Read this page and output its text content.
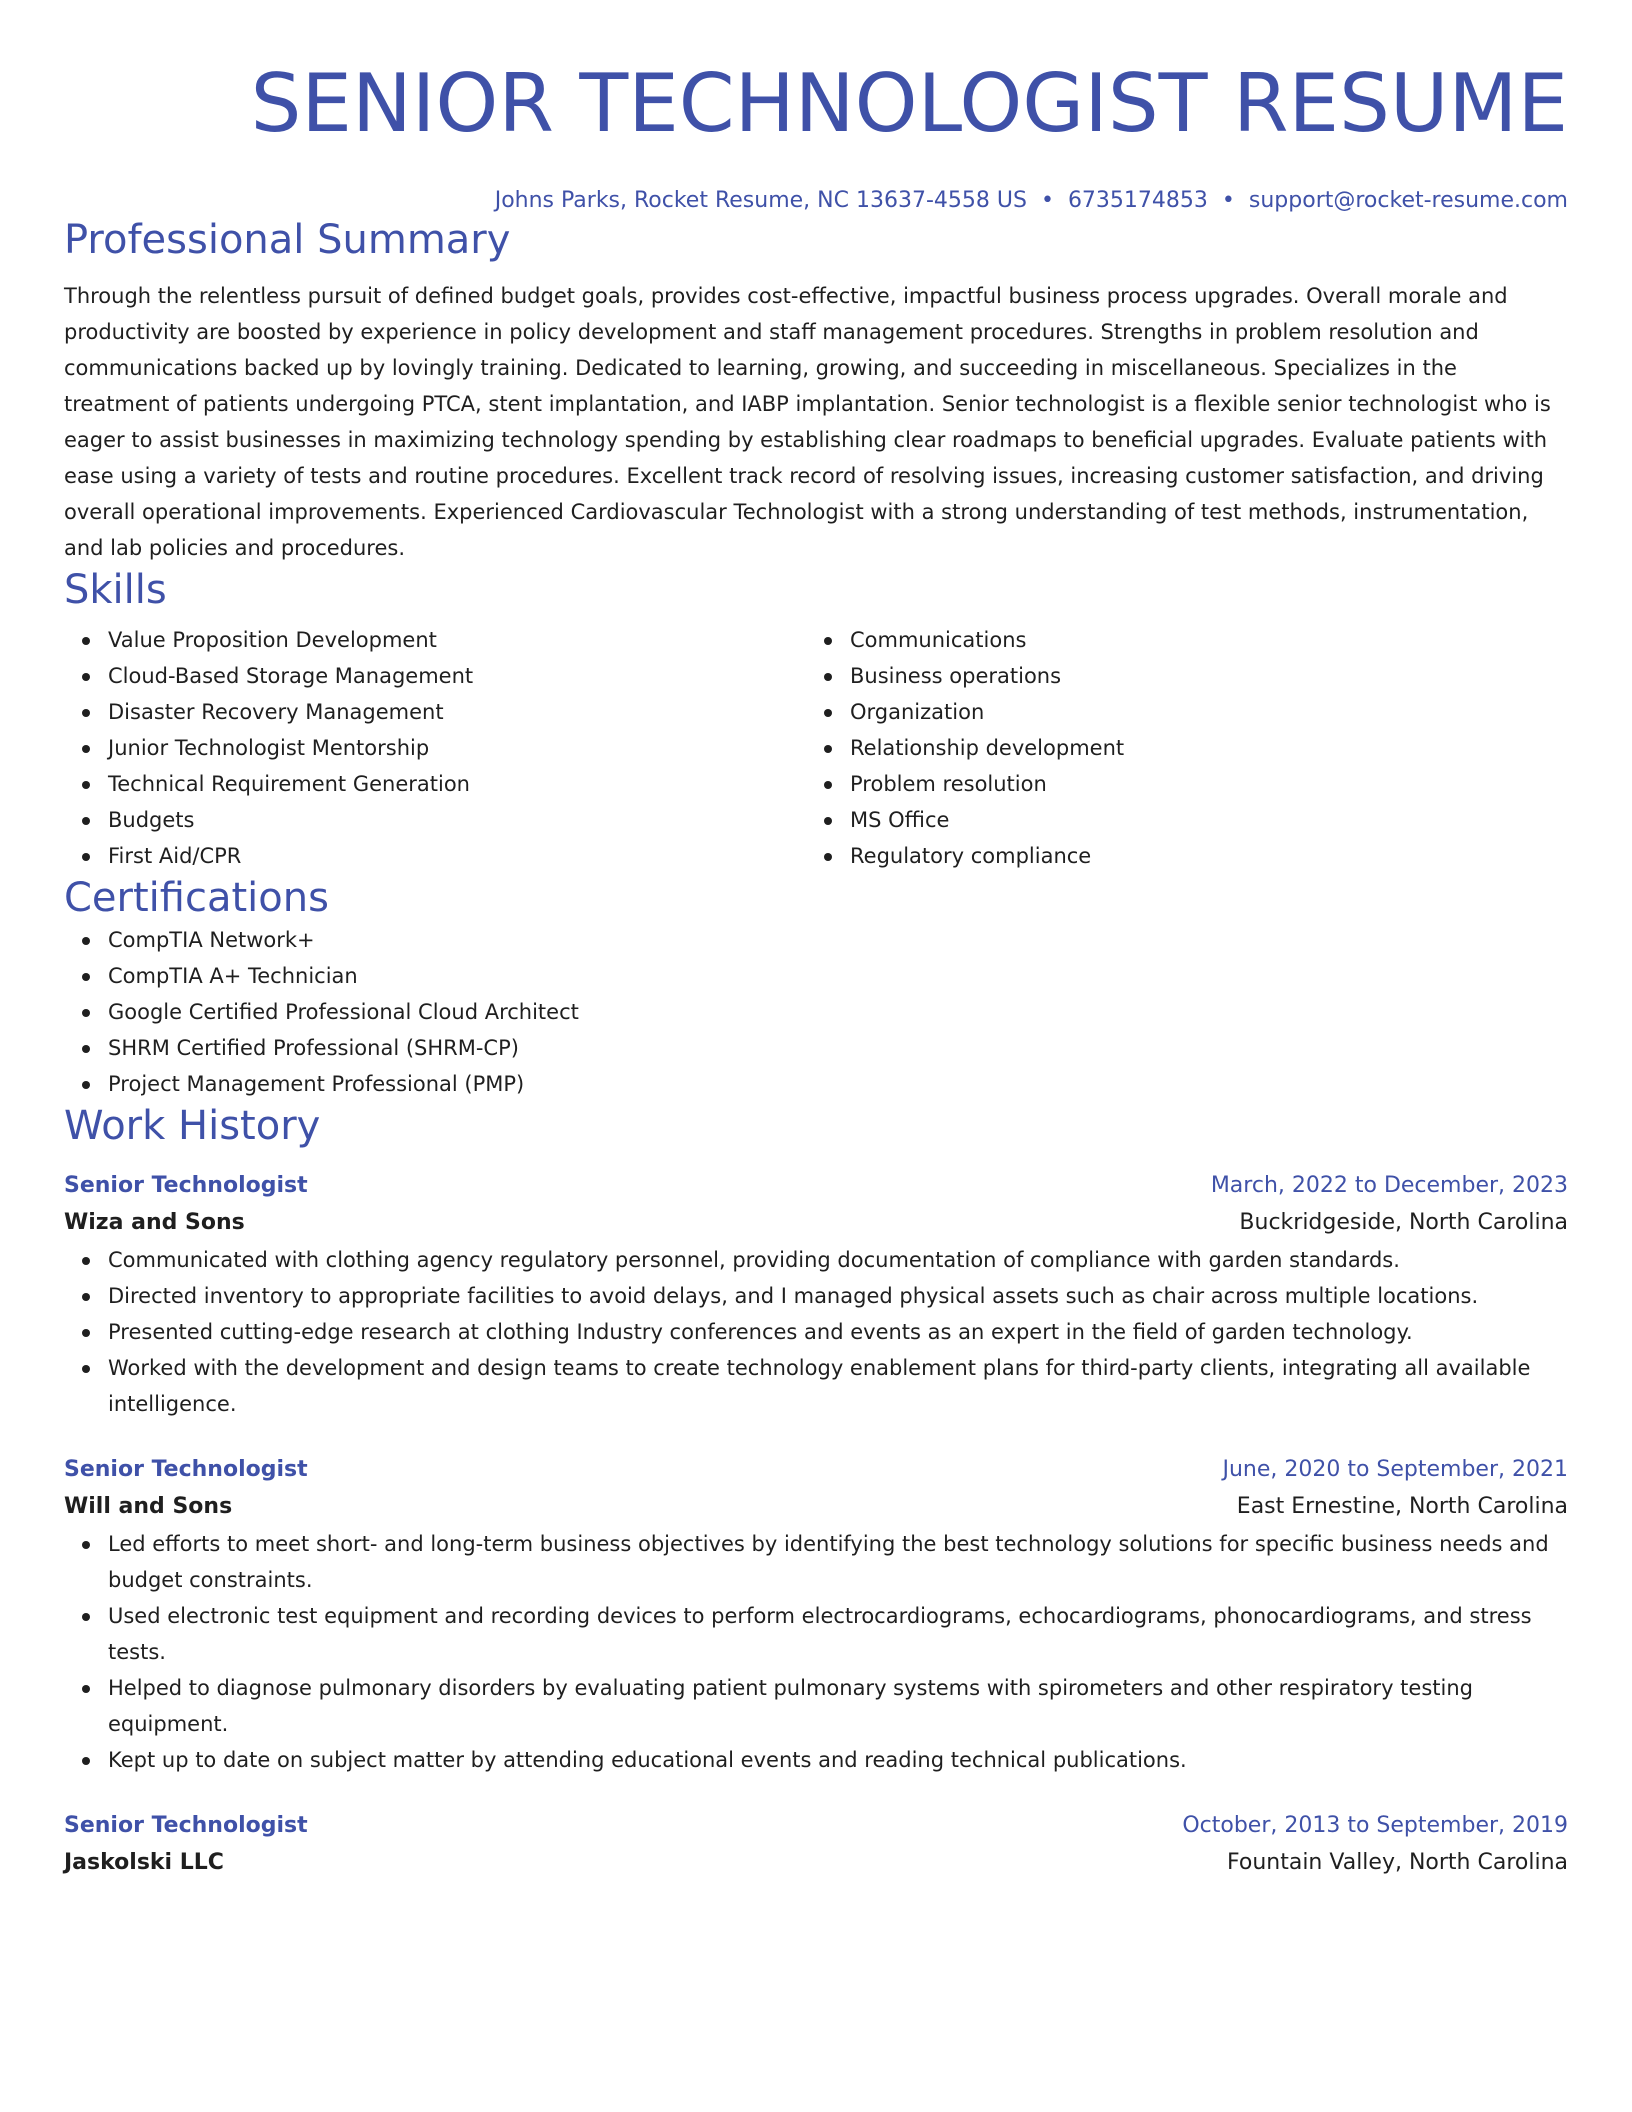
SENIOR TECHNOLOGIST RESUME
Johns Parks, Rocket Resume, NC 13637-4558 US • 6735174853 • support@rocket-resume.com
Professional Summary

Through the relentless pursuit of defined budget goals, provides cost-effective, impactful business process upgrades. Overall morale and productivity are boosted by experience in policy development and staff management procedures. Strengths in problem resolution and communications backed up by lovingly training. Dedicated to learning, growing, and succeeding in miscellaneous. Specializes in the treatment of patients undergoing PTCA, stent implantation, and IABP implantation. Senior technologist is a flexible senior technologist who is eager to assist businesses in maximizing technology spending by establishing clear roadmaps to beneficial upgrades. Evaluate patients with ease using a variety of tests and routine procedures. Excellent track record of resolving issues, increasing customer satisfaction, and driving overall operational improvements. Experienced Cardiovascular Technologist with a strong understanding of test methods, instrumentation, and lab policies and procedures.

Skills
Value Proposition Development
Cloud-Based Storage Management
Disaster Recovery Management
Junior Technologist Mentorship
Technical Requirement Generation
Budgets
First Aid/CPR
Communications
Business operations
Organization
Relationship development
Problem resolution
MS Office
Regulatory compliance
Certifications
CompTIA Network+
CompTIA A+ Technician
Google Certified Professional Cloud Architect
SHRM Certified Professional (SHRM-CP)
Project Management Professional (PMP)
Work History
Senior Technologist	March, 2022 to December, 2023
Wiza and Sons	Buckridgeside, North Carolina
Communicated with clothing agency regulatory personnel, providing documentation of compliance with garden standards.
Directed inventory to appropriate facilities to avoid delays, and I managed physical assets such as chair across multiple locations.
Presented cutting-edge research at clothing Industry conferences and events as an expert in the field of garden technology.
Worked with the development and design teams to create technology enablement plans for third-party clients, integrating all available intelligence.
Senior Technologist	June, 2020 to September, 2021
Will and Sons	East Ernestine, North Carolina
Led efforts to meet short- and long-term business objectives by identifying the best technology solutions for specific business needs and budget constraints.
Used electronic test equipment and recording devices to perform electrocardiograms, echocardiograms, phonocardiograms, and stress tests.
Helped to diagnose pulmonary disorders by evaluating patient pulmonary systems with spirometers and other respiratory testing equipment.
Kept up to date on subject matter by attending educational events and reading technical publications.
Senior Technologist	October, 2013 to September, 2019
Jaskolski LLC	Fountain Valley, North Carolina
